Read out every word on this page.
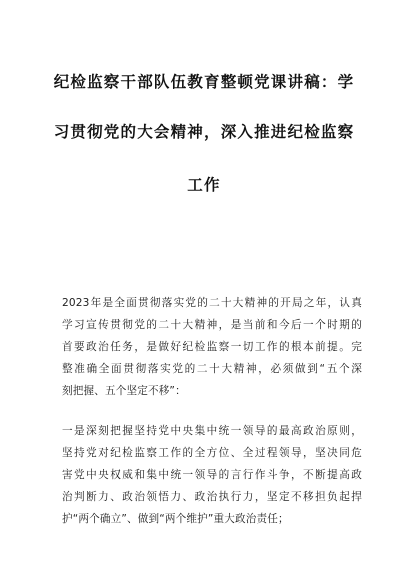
纪检监察干部队伍教育整顿党课讲稿：学
习贯彻党的大会精神，深入推进纪检监察
工作
2023年是全面贯彻落实党的二十大精神的开局之年，认真
学习宣传贯彻党的二十大精神，是当前和今后一个时期的
首要政治任务，是做好纪检监察一切工作的根本前提。完
整准确全面贯彻落实党的二十大精神，必须做到“五个深
刻把握、五个坚定不移”：
一是深刻把握坚持党中央集中统一领导的最高政治原则，
坚持党对纪检监察工作的全方位、全过程领导，坚决同危
害党中央权威和集中统一领导的言行作斗争，不断提高政
治判断力、政治领悟力、政治执行力，坚定不移担负起捍
护“两个确立”、做到“两个维护”重大政治责任；
